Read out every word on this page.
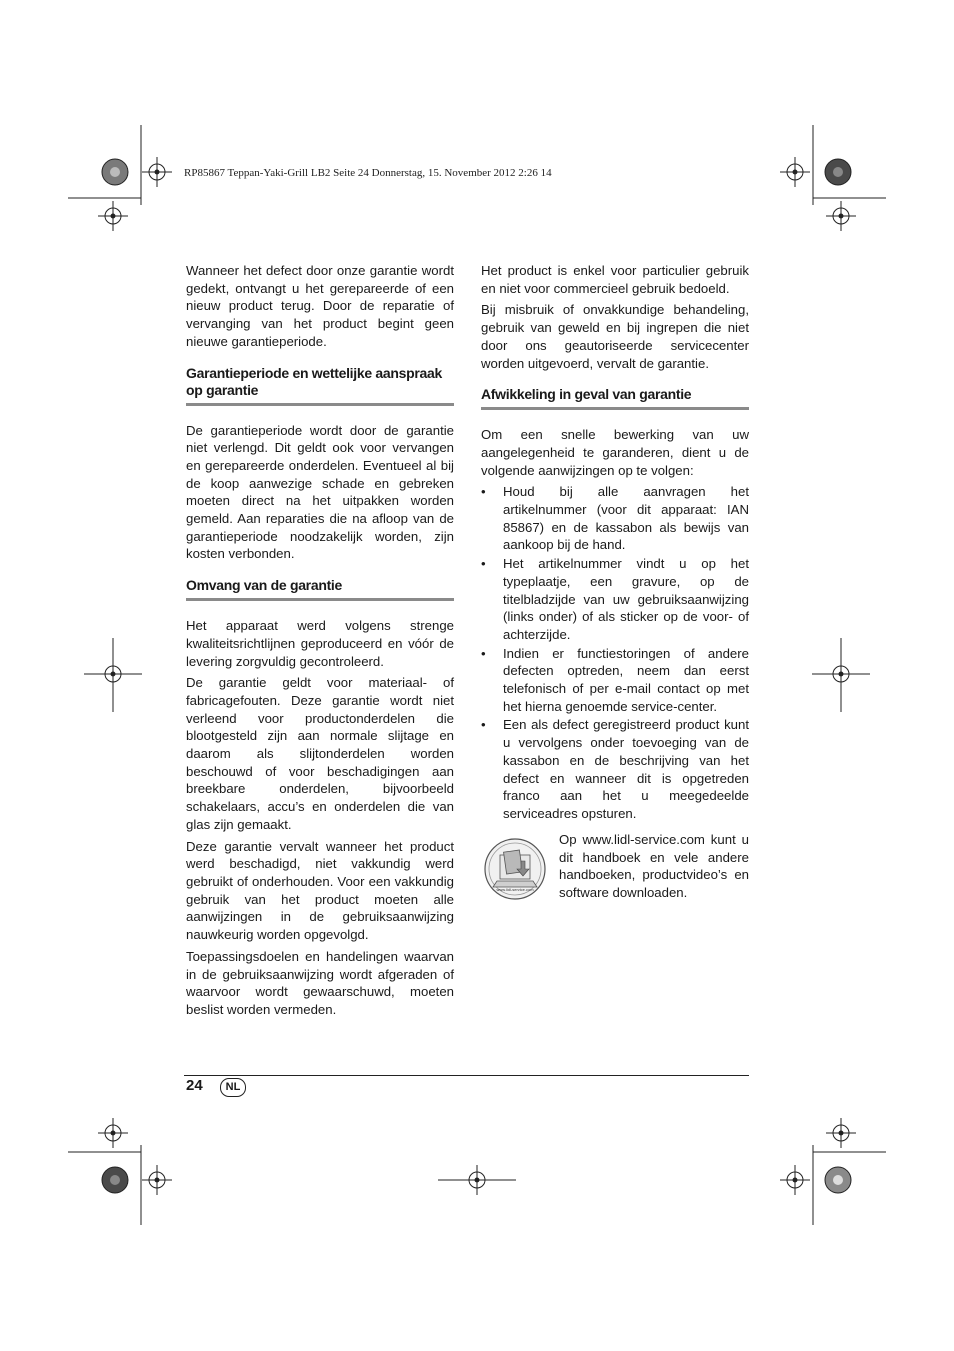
RP85867 Teppan-Yaki-Grill LB2 Seite 24 Donnerstag, 15. November 2012 2:26 14

Wanneer het defect door onze garantie wordt gedekt, ontvangt u het gerepareerde of een nieuw product terug. Door de reparatie of vervanging van het product begint geen nieuwe garantieperiode.

Garantieperiode en wettelijke aanspraak op garantie

De garantieperiode wordt door de garantie niet verlengd. Dit geldt ook voor vervangen en gerepareerde onderdelen. Eventueel al bij de koop aanwezige schade en gebreken moeten direct na het uitpakken worden gemeld. Aan reparaties die na afloop van de garantieperiode noodzakelijk worden, zijn kosten verbonden.

Omvang van de garantie

Het apparaat werd volgens strenge kwaliteitsrichtlijnen geproduceerd en vóór de levering zorgvuldig gecontroleerd.

De garantie geldt voor materiaal- of fabricagefouten. Deze garantie wordt niet verleend voor productonderdelen die blootgesteld zijn aan normale slijtage en daarom als slijtonderdelen worden beschouwd of voor beschadigingen aan breekbare onderdelen, bijvoorbeeld schakelaars, accu’s en onderdelen die van glas zijn gemaakt.

Deze garantie vervalt wanneer het product werd beschadigd, niet vakkundig werd gebruikt of onderhouden. Voor een vakkundig gebruik van het product moeten alle aanwijzingen in de gebruiksaanwijzing nauwkeurig worden opgevolgd.

Toepassingsdoelen en handelingen waarvan in de gebruiksaanwijzing wordt afgeraden of waarvoor wordt gewaarschuwd, moeten beslist worden vermeden.

Het product is enkel voor particulier gebruik en niet voor commercieel gebruik bedoeld.

Bij misbruik of onvakkundige behandeling, gebruik van geweld en bij ingrepen die niet door ons geautoriseerde servicecenter worden uitgevoerd, vervalt de garantie.

Afwikkeling in geval van garantie

Om een snelle bewerking van uw aangelegenheid te garanderen, dient u de volgende aanwijzingen op te volgen:

• Houd bij alle aanvragen het artikelnummer (voor dit apparaat: IAN 85867) en de kassabon als bewijs van aankoop bij de hand.
• Het artikelnummer vindt u op het typeplaatje, een gravure, op de titelbladzijde van uw gebruiksaanwijzing (links onder) of als sticker op de voor- of achterzijde.
• Indien er functiestoringen of andere defecten optreden, neem dan eerst telefonisch of per e-mail contact op met het hierna genoemde service-center.
• Een als defect geregistreerd product kunt u vervolgens onder toevoeging van de kassabon en de beschrijving van het defect en wanneer dit is opgetreden franco aan het u meegedeelde serviceadres opsturen.
www.lidl-service.com
Op www.lidl-service.com kunt u dit handboek en vele andere handboeken, productvideo’s en software downloaden.
24	NL
